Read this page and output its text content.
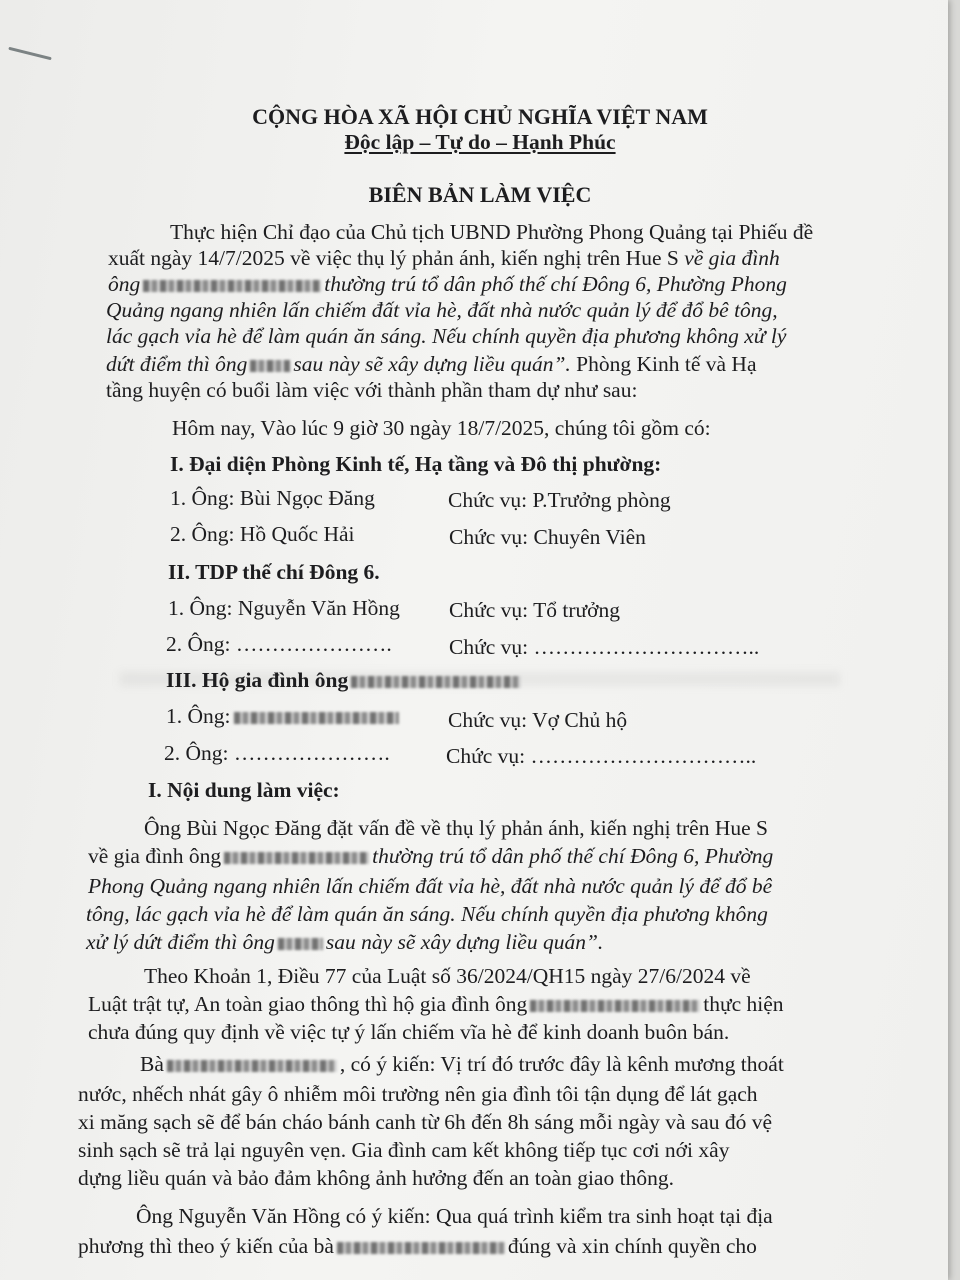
CỘNG HÒA XÃ HỘI CHỦ NGHĨA VIỆT NAM
Độc lập – Tự do – Hạnh Phúc
BIÊN BẢN LÀM VIỆC
Thực hiện Chỉ đạo của Chủ tịch UBND Phường Phong Quảng tại Phiếu đề
xuất ngày 14/7/2025 về việc thụ lý phản ánh, kiến nghị trên Hue S về gia đình
ông	thường trú tổ dân phố thế chí Đông 6, Phường Phong
Quảng ngang nhiên lấn chiếm đất vỉa hè, đất nhà nước quản lý để đổ bê tông,
lác gạch vỉa hè để làm quán ăn sáng. Nếu chính quyền địa phương không xử lý
dứt điểm thì ông sau này sẽ xây dựng liều quán”. Phòng Kinh tế và Hạ
tầng huyện có buổi làm việc với thành phần tham dự như sau:
Hôm nay, Vào lúc 9 giờ 30 ngày 18/7/2025, chúng tôi gồm có:
I. Đại diện Phòng Kinh tế, Hạ tầng và Đô thị phường:
1. Ông: Bùi Ngọc Đăng	Chức vụ: P.Trưởng phòng
2. Ông: Hồ Quốc Hải	Chức vụ: Chuyên Viên
II. TDP thế chí Đông 6.
1. Ông: Nguyễn Văn Hồng Chức vụ: Tổ trưởng
2. Ông: ………………….	Chức vụ: …………………………..
III. Hộ gia đình ông
1. Ông:	Chức vụ: Vợ Chủ hộ
2. Ông: ………………….	Chức vụ: …………………………..
I. Nội dung làm việc:
Ông Bùi Ngọc Đăng đặt vấn đề về thụ lý phản ánh, kiến nghị trên Hue S
về gia đình ông	thường trú tổ dân phố thế chí Đông 6, Phường
Phong Quảng ngang nhiên lấn chiếm đất vỉa hè, đất nhà nước quản lý để đổ bê
tông, lác gạch vỉa hè để làm quán ăn sáng. Nếu chính quyền địa phương không
xử lý dứt điểm thì ông sau này sẽ xây dựng liều quán”.
Theo Khoản 1, Điều 77 của Luật số 36/2024/QH15 ngày 27/6/2024 về
Luật trật tự, An toàn giao thông thì hộ gia đình ông	thực hiện
chưa đúng quy định về việc tự ý lấn chiếm vĩa hè để kinh doanh buôn bán.
Bà	, có ý kiến: Vị trí đó trước đây là kênh mương thoát
nước, nhếch nhát gây ô nhiễm môi trường nên gia đình tôi tận dụng để lát gạch
xi măng sạch sẽ để bán cháo bánh canh từ 6h đến 8h sáng mỗi ngày và sau đó vệ
sinh sạch sẽ trả lại nguyên vẹn. Gia đình cam kết không tiếp tục cơi nới xây
dựng liều quán và bảo đảm không ảnh hưởng đến an toàn giao thông.
Ông Nguyễn Văn Hồng có ý kiến: Qua quá trình kiểm tra sinh hoạt tại địa
phương thì theo ý kiến của bà	đúng và xin chính quyền cho
